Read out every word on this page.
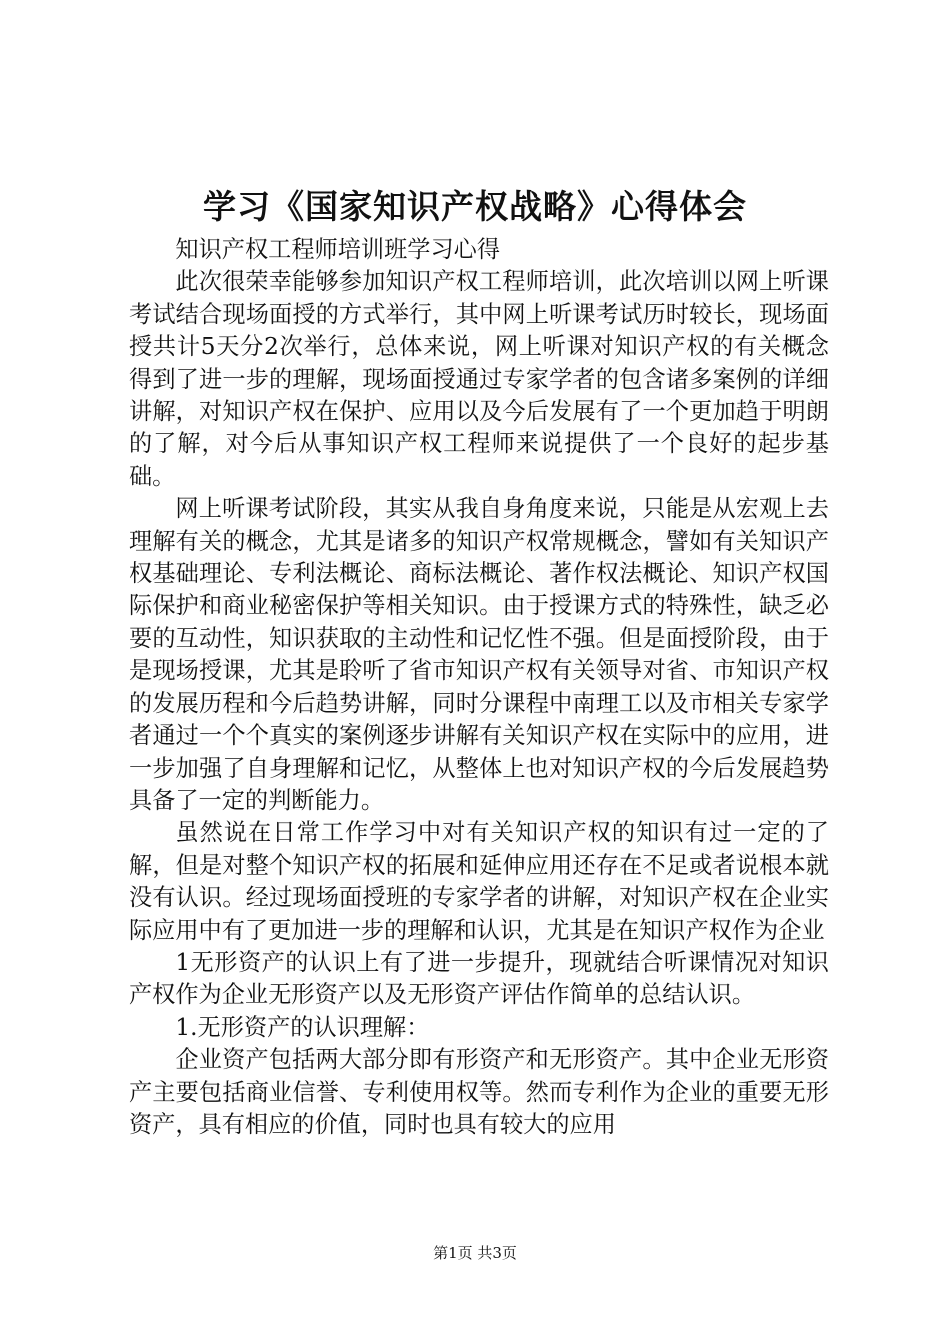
学习《国家知识产权战略》心得体会

知识产权工程师培训班学习心得

此次很荣幸能够参加知识产权工程师培训，此次培训以网上听课考试结合现场面授的方式举行，其中网上听课考试历时较长，现场面授共计5天分2次举行，总体来说，网上听课对知识产权的有关概念得到了进一步的理解，现场面授通过专家学者的包含诸多案例的详细讲解，对知识产权在保护、应用以及今后发展有了一个更加趋于明朗的了解，对今后从事知识产权工程师来说提供了一个良好的起步基础。

网上听课考试阶段，其实从我自身角度来说，只能是从宏观上去理解有关的概念，尤其是诸多的知识产权常规概念，譬如有关知识产权基础理论、专利法概论、商标法概论、著作权法概论、知识产权国际保护和商业秘密保护等相关知识。由于授课方式的特殊性，缺乏必要的互动性，知识获取的主动性和记忆性不强。但是面授阶段，由于是现场授课，尤其是聆听了省市知识产权有关领导对省、市知识产权的发展历程和今后趋势讲解，同时分课程中南理工以及市相关专家学者通过一个个真实的案例逐步讲解有关知识产权在实际中的应用，进一步加强了自身理解和记忆，从整体上也对知识产权的今后发展趋势具备了一定的判断能力。

虽然说在日常工作学习中对有关知识产权的知识有过一定的了解，但是对整个知识产权的拓展和延伸应用还存在不足或者说根本就没有认识。经过现场面授班的专家学者的讲解，对知识产权在企业实际应用中有了更加进一步的理解和认识，尤其是在知识产权作为企业

1无形资产的认识上有了进一步提升，现就结合听课情况对知识产权作为企业无形资产以及无形资产评估作简单的总结认识。

1.无形资产的认识理解：

企业资产包括两大部分即有形资产和无形资产。其中企业无形资产主要包括商业信誉、专利使用权等。然而专利作为企业的重要无形资产，具有相应的价值，同时也具有较大的应用

第1页 共3页
